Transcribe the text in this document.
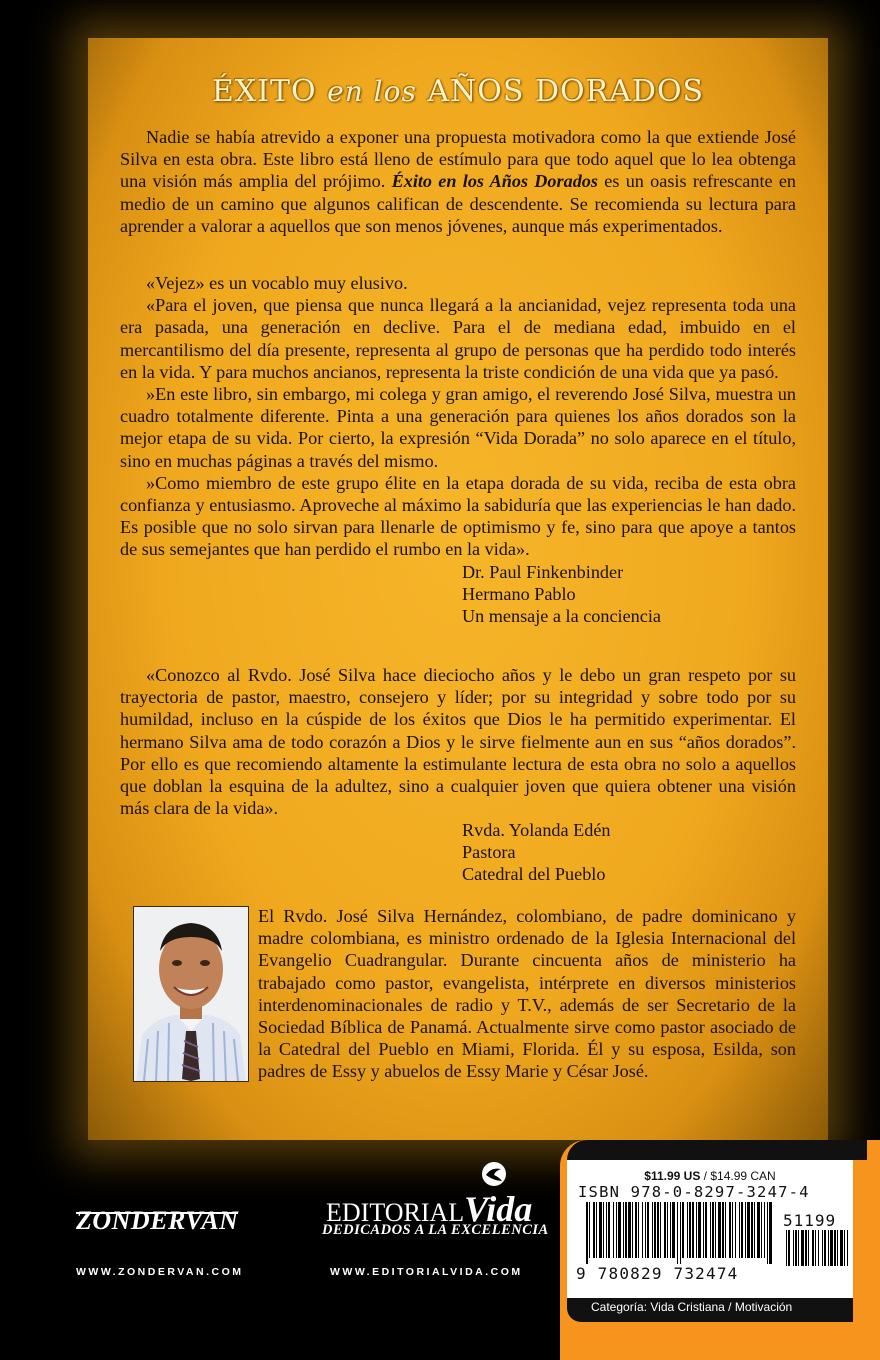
ÉXITO en los AÑOS DORADOS

Nadie se había atrevido a exponer una propuesta motivadora como la que extiende José Silva en esta obra. Este libro está lleno de estímulo para que todo aquel que lo lea obtenga una visión más amplia del prójimo. Éxito en los Años Dorados es un oasis refrescante en medio de un camino que algunos califican de descendente. Se recomienda su lectura para aprender a valorar a aquellos que son menos jóvenes, aunque más experimentados.

«Vejez» es un vocablo muy elusivo.

«Para el joven, que piensa que nunca llegará a la ancianidad, vejez representa toda una era pasada, una generación en declive. Para el de mediana edad, imbuido en el mercantilismo del día presente, representa al grupo de personas que ha perdido todo interés en la vida. Y para muchos ancianos, representa la triste condición de una vida que ya pasó.

»En este libro, sin embargo, mi colega y gran amigo, el reverendo José Silva, muestra un cuadro totalmente diferente. Pinta a una generación para quienes los años dorados son la mejor etapa de su vida. Por cierto, la expresión “Vida Dorada” no solo aparece en el título, sino en muchas páginas a través del mismo.

»Como miembro de este grupo élite en la etapa dorada de su vida, reciba de esta obra confianza y entusiasmo. Aproveche al máximo la sabiduría que las experiencias le han dado. Es posible que no solo sirvan para llenarle de optimismo y fe, sino para que apoye a tantos de sus semejantes que han perdido el rumbo en la vida».

Dr. Paul Finkenbinder
Hermano Pablo
Un mensaje a la conciencia

«Conozco al Rvdo. José Silva hace dieciocho años y le debo un gran respeto por su trayectoria de pastor, maestro, consejero y líder; por su integridad y sobre todo por su humildad, incluso en la cúspide de los éxitos que Dios le ha permitido experimentar. El hermano Silva ama de todo corazón a Dios y le sirve fielmente aun en sus “años dorados”. Por ello es que recomiendo altamente la estimulante lectura de esta obra no solo a aquellos que doblan la esquina de la adultez, sino a cualquier joven que quiera obtener una visión más clara de la vida».

Rvda. Yolanda Edén
Pastora
Catedral del Pueblo

El Rvdo. José Silva Hernández, colombiano, de padre dominicano y madre colombiana, es ministro ordenado de la Iglesia Internacional del Evangelio Cuadrangular. Durante cincuenta años de ministerio ha trabajado como pastor, evangelista, intérprete en diversos ministerios interdenominacionales de radio y T.V., además de ser Secretario de la Sociedad Bíblica de Panamá. Actualmente sirve como pastor asociado de la Catedral del Pueblo en Miami, Florida. Él y su esposa, Esilda, son padres de Essy y abuelos de Essy Marie y César José.

ZONDERVAN
WWW.ZONDERVAN.COM
EDITORIALVida
DEDICADOS A LA EXCELENCIA
WWW.EDITORIALVIDA.COM
$11.99 US / $14.99 CAN
ISBN 978-0-8297-3247-4
51199
9 780829 732474
Categoría: Vida Cristiana / Motivación
